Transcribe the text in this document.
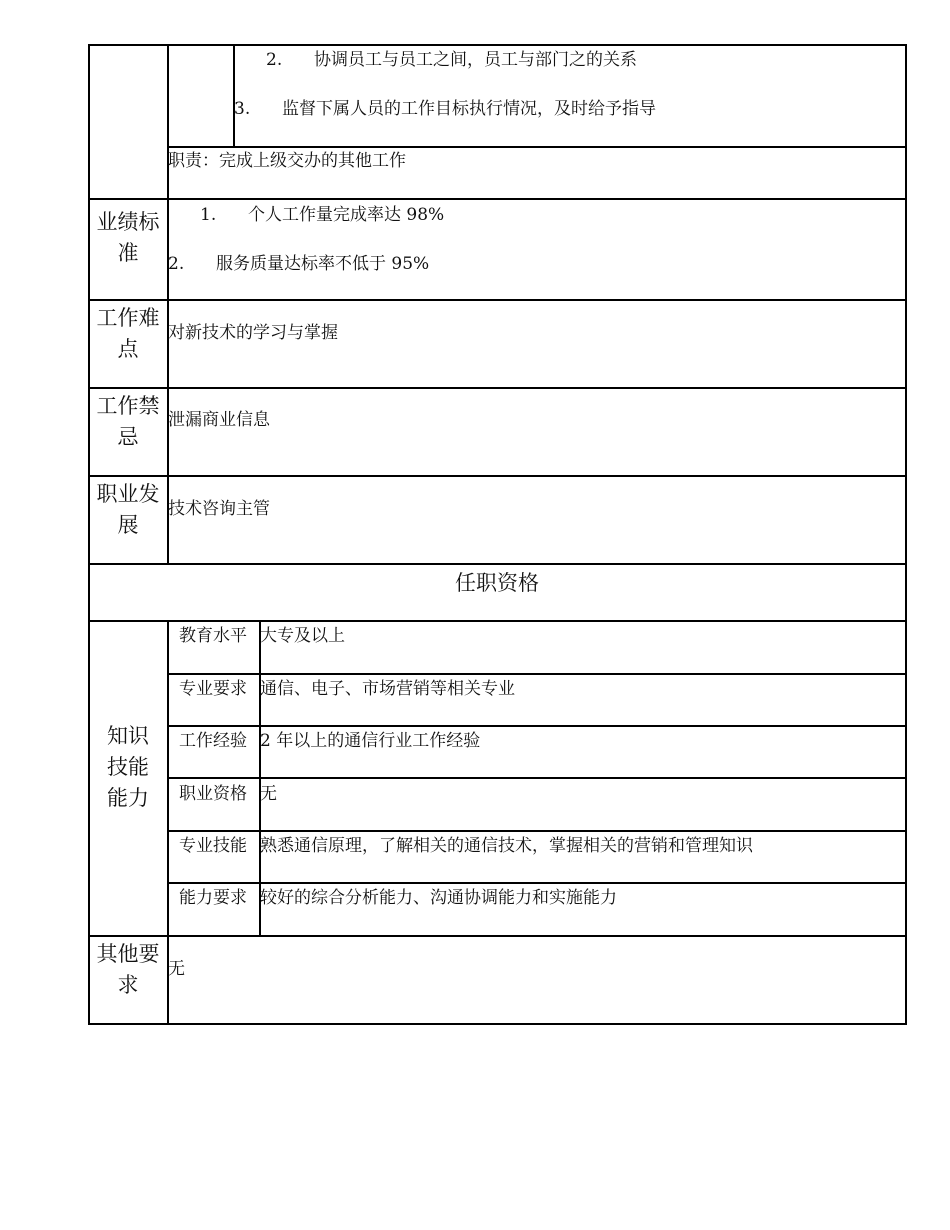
2. 协调员工与员工之间，员工与部门之的关系
3. 监督下属人员的工作目标执行情况，及时给予指导
职责：完成上级交办的其他工作
业绩标准
1. 个人工作量完成率达 98%
2. 服务质量达标率不低于 95%
工作难点
对新技术的学习与掌握
工作禁忌
泄漏商业信息
职业发展
技术咨询主管
任职资格
知识技能能力
教育水平 大专及以上
专业要求 通信、电子、市场营销等相关专业
工作经验 2 年以上的通信行业工作经验
职业资格 无
专业技能 熟悉通信原理，了解相关的通信技术，掌握相关的营销和管理知识
能力要求 较好的综合分析能力、沟通协调能力和实施能力
其他要求
无
